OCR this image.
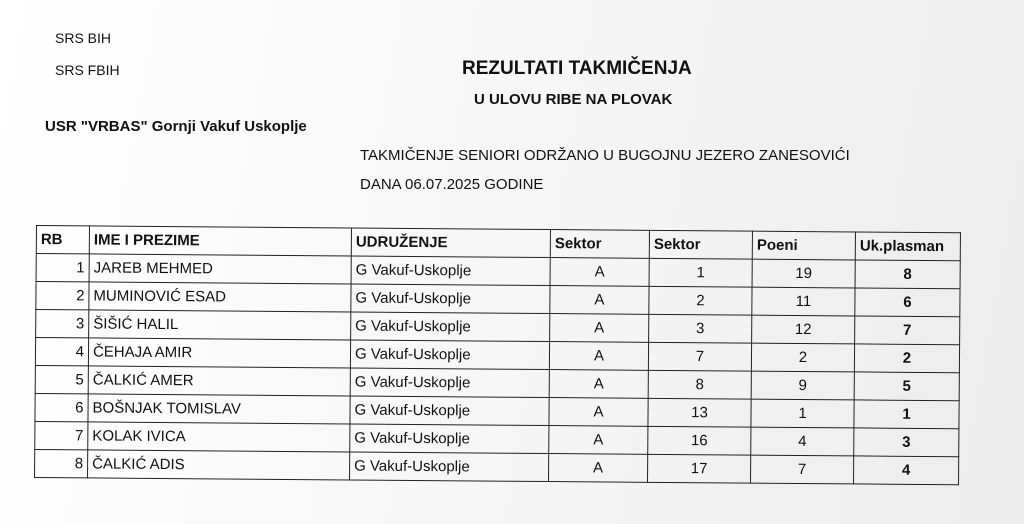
SRS BIH
SRS FBIH
USR "VRBAS" Gornji Vakuf Uskoplje
REZULTATI TAKMIČENJA
U ULOVU RIBE NA PLOVAK
TAKMIČENJE SENIORI ODRŽANO U BUGOJNU JEZERO ZANESOVIĆI
DANA 06.07.2025 GODINE
RB	IME I PREZIME	UDRUŽENJE	Sektor	Sektor	Poeni	Uk.plasman
1	JAREB MEHMED	G Vakuf-Uskoplje	A	1	19	8
2	MUMINOVIĆ ESAD	G Vakuf-Uskoplje	A	2	11	6
3	ŠIŠIĆ HALIL	G Vakuf-Uskoplje	A	3	12	7
4	ČEHAJA AMIR	G Vakuf-Uskoplje	A	7	2	2
5	ČALKIĆ AMER	G Vakuf-Uskoplje	A	8	9	5
6	BOŠNJAK TOMISLAV	G Vakuf-Uskoplje	A	13	1	1
7	KOLAK IVICA	G Vakuf-Uskoplje	A	16	4	3
8	ČALKIĆ ADIS	G Vakuf-Uskoplje	A	17	7	4
